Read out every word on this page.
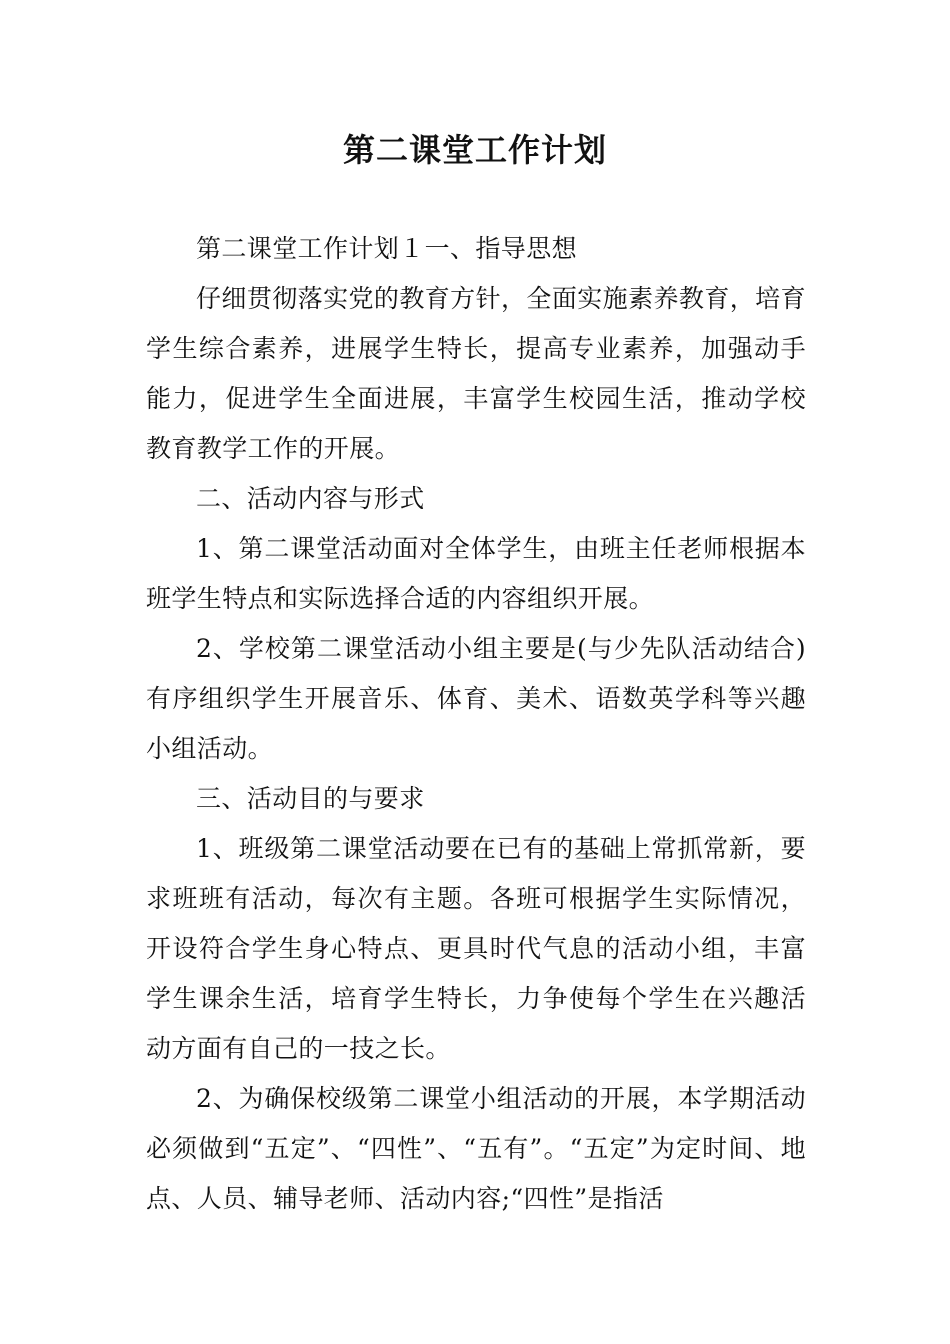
第二课堂工作计划

第二课堂工作计划１一、指导思想

仔细贯彻落实党的教育方针，全面实施素养教育，培育学生综合素养，进展学生特长，提高专业素养，加强动手能力，促进学生全面进展，丰富学生校园生活，推动学校教育教学工作的开展。

二、活动内容与形式

1、第二课堂活动面对全体学生，由班主任老师根据本班学生特点和实际选择合适的内容组织开展。

2、学校第二课堂活动小组主要是(与少先队活动结合)有序组织学生开展音乐、体育、美术、语数英学科等兴趣小组活动。

三、活动目的与要求

1、班级第二课堂活动要在已有的基础上常抓常新，要求班班有活动，每次有主题。各班可根据学生实际情况，开设符合学生身心特点、更具时代气息的活动小组，丰富学生课余生活，培育学生特长，力争使每个学生在兴趣活动方面有自己的一技之长。

2、为确保校级第二课堂小组活动的开展，本学期活动必须做到“五定”、“四性”、“五有”。“五定”为定时间、地点、人员、辅导老师、活动内容;“四性”是指活
